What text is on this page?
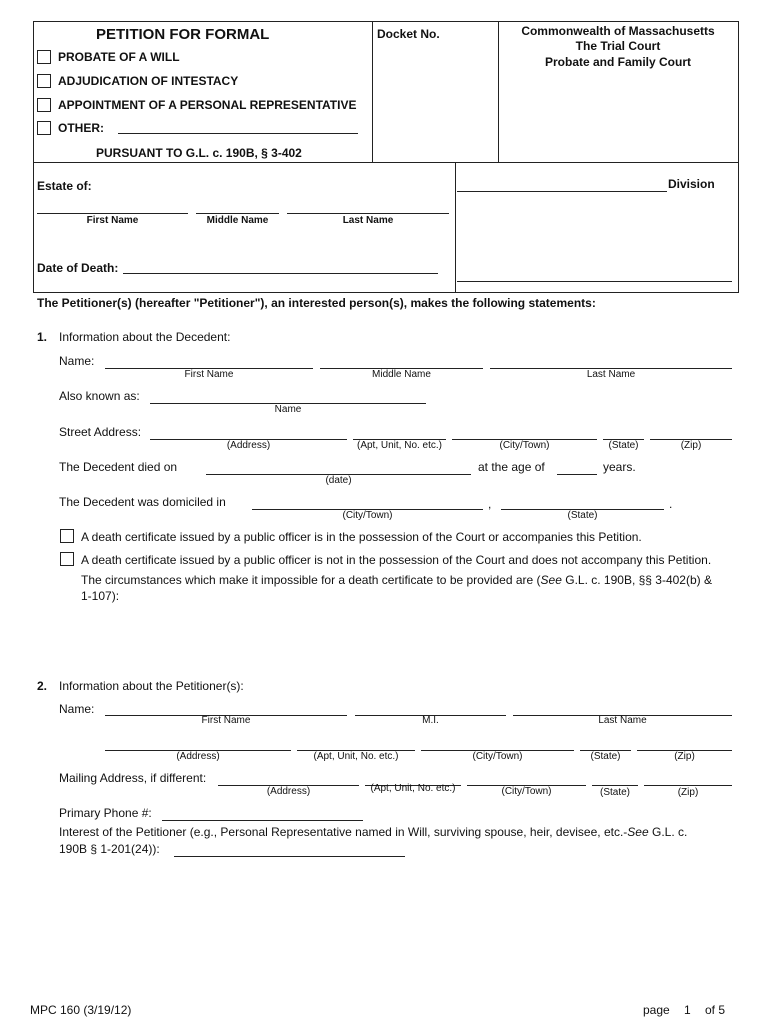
PETITION FOR FORMAL
PROBATE OF A WILL
ADJUDICATION OF INTESTACY
APPOINTMENT OF A PERSONAL REPRESENTATIVE
OTHER:
PURSUANT TO G.L. c. 190B, § 3-402
Docket No.	Commonwealth of Massachusetts
The Trial Court
Probate and Family Court
Estate of:
First Name	Middle Name	Last Name
Date of Death:
Division
The Petitioner(s) (hereafter "Petitioner"), an interested person(s), makes the following statements:
1. Information about the Decedent:
Name:
First Name	Middle Name	Last Name
Also known as:
Name
Street Address:
(Address)	(Apt, Unit, No. etc.)	(City/Town)	(State)	(Zip)
The Decedent died on
(date)
at the age of	years.
The Decedent was domiciled in	,	.
(City/Town)	(State)
A death certificate issued by a public officer is in the possession of the Court or accompanies this Petition.
A death certificate issued by a public officer is not in the possession of the Court and does not accompany this Petition.
The circumstances which make it impossible for a death certificate to be provided are (See G.L. c. 190B, §§ 3-402(b) &
1-107):
2. Information about the Petitioner(s):
Name:
First Name	M.I.	Last Name
(Address)	(Apt, Unit, No. etc.)	(City/Town)	(State)	(Zip)
Mailing Address, if different:
(Address)	(Apt, Unit, No. etc.)	(City/Town)	(State)	(Zip)
Primary Phone #:
Interest of the Petitioner (e.g., Personal Representative named in Will, surviving spouse, heir, devisee, etc.-See G.L. c.
190B § 1-201(24)):
MPC 160 (3/19/12)	page 1 of 5
